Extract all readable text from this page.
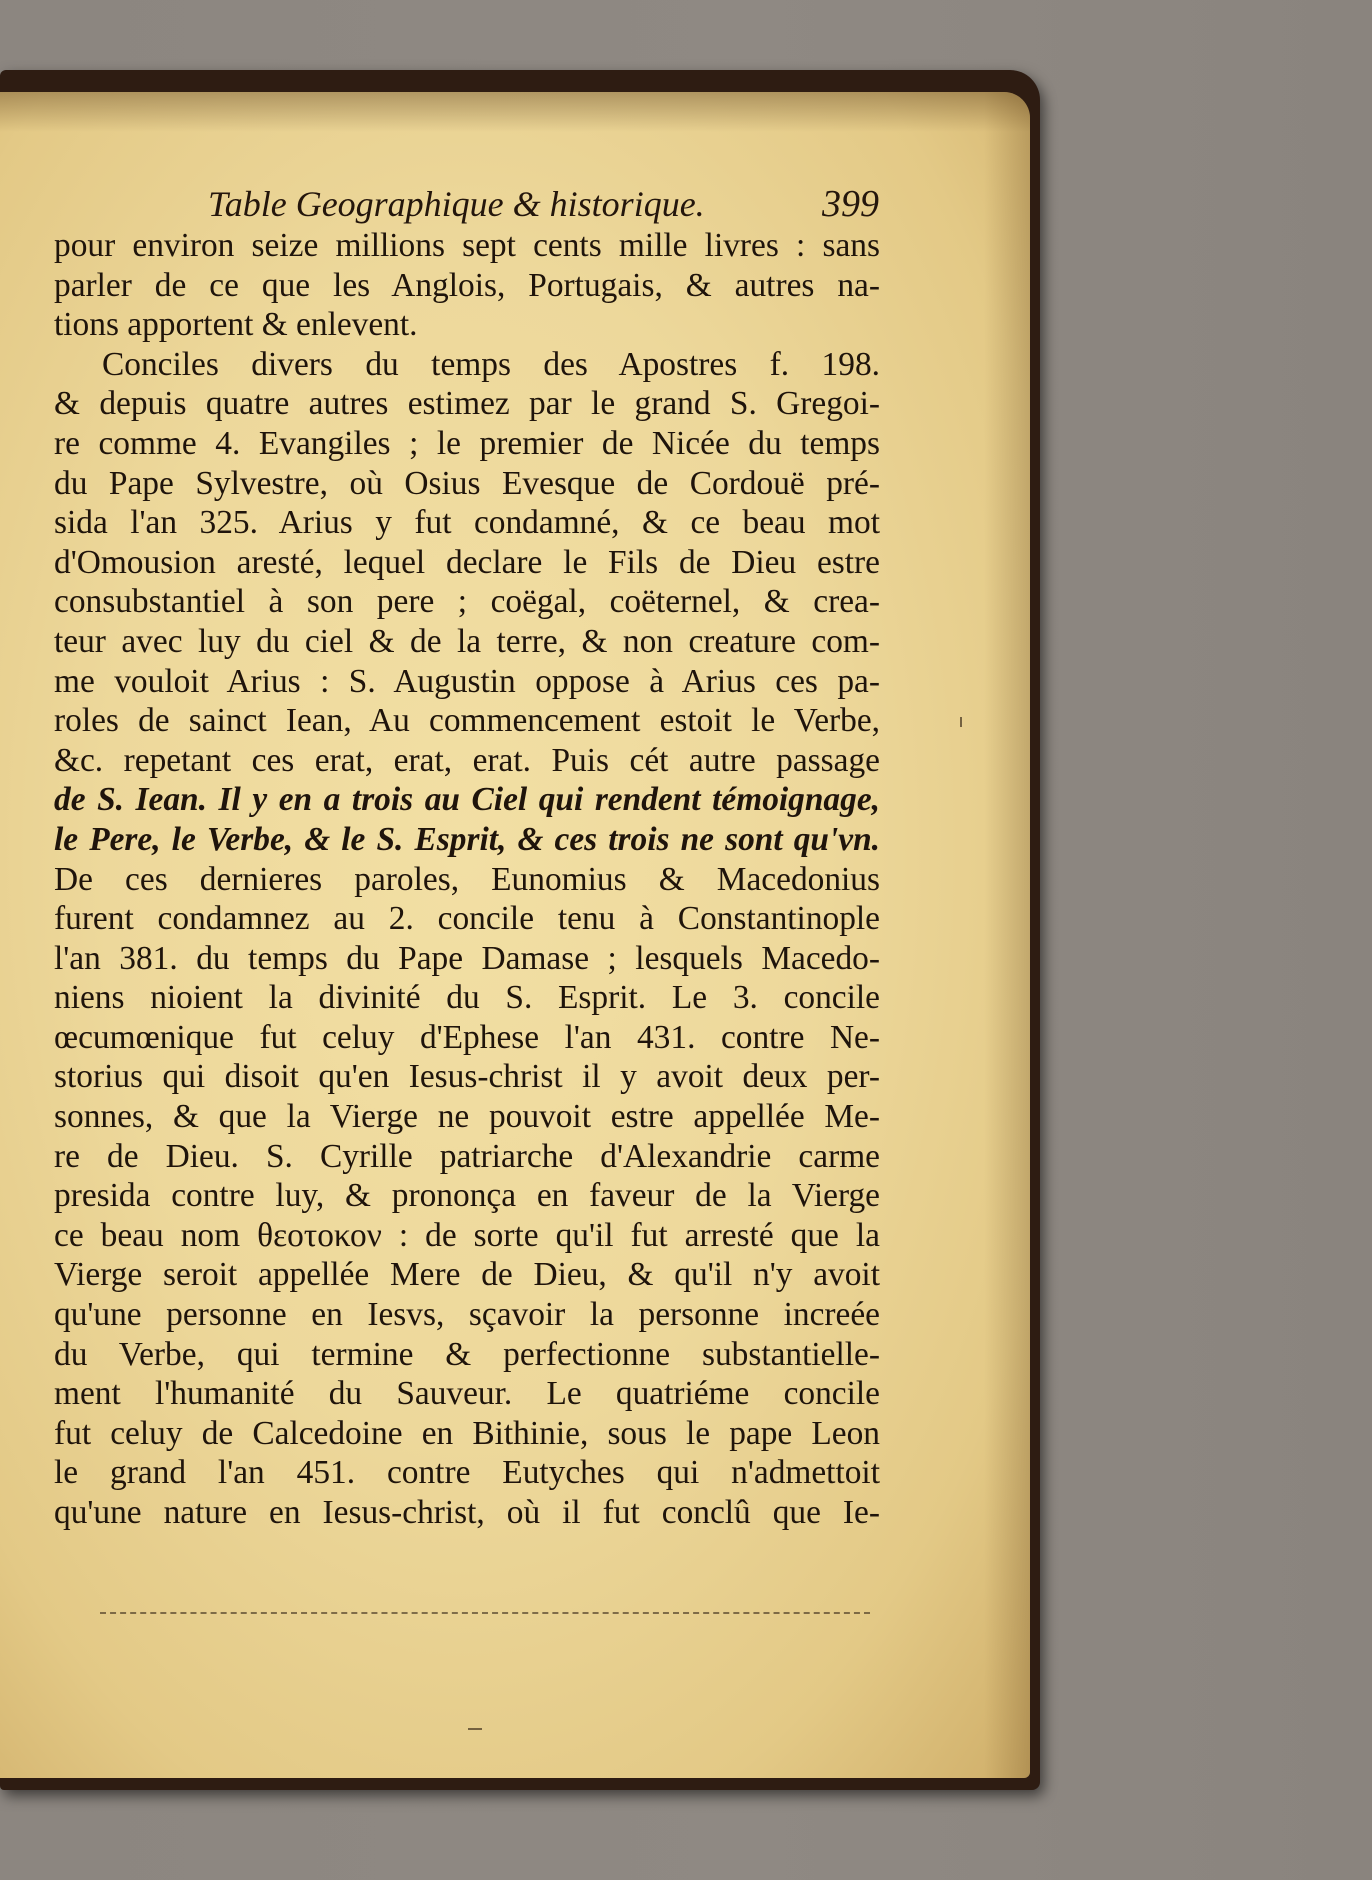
Table Geographique & historique.	399
pour environ seize millions sept cents mille livres : sans
parler de ce que les Anglois, Portugais, & autres na-
tions apportent & enlevent.
Conciles divers du temps des Apostres f. 198.
& depuis quatre autres estimez par le grand S. Gregoi-
re comme 4. Evangiles ; le premier de Nicée du temps
du Pape Sylvestre, où Osius Evesque de Cordouë pré-
sida l'an 325. Arius y fut condamné, & ce beau mot
d'Omousion aresté, lequel declare le Fils de Dieu estre
consubstantiel à son pere ; coëgal, coëternel, & crea-
teur avec luy du ciel & de la terre, & non creature com-
me vouloit Arius : S. Augustin oppose à Arius ces pa-
roles de sainct Iean, Au commencement estoit le Verbe,
&c. repetant ces erat, erat, erat. Puis cét autre passage
de S. Iean. Il y en a trois au Ciel qui rendent témoignage,
le Pere, le Verbe, & le S. Esprit, & ces trois ne sont qu'vn.
De ces dernieres paroles, Eunomius & Macedonius
furent condamnez au 2. concile tenu à Constantinople
l'an 381. du temps du Pape Damase ; lesquels Macedo-
niens nioient la divinité du S. Esprit. Le 3. concile
œcumœnique fut celuy d'Ephese l'an 431. contre Ne-
storius qui disoit qu'en Iesus-christ il y avoit deux per-
sonnes, & que la Vierge ne pouvoit estre appellée Me-
re de Dieu. S. Cyrille patriarche d'Alexandrie carme
presida contre luy, & prononça en faveur de la Vierge
ce beau nom θεοτοκον : de sorte qu'il fut arresté que la
Vierge seroit appellée Mere de Dieu, & qu'il n'y avoit
qu'une personne en Iesvs, sçavoir la personne increée
du Verbe, qui termine & perfectionne substantielle-
ment l'humanité du Sauveur. Le quatriéme concile
fut celuy de Calcedoine en Bithinie, sous le pape Leon
le grand l'an 451. contre Eutyches qui n'admettoit
qu'une nature en Iesus-christ, où il fut conclû que Ie-
